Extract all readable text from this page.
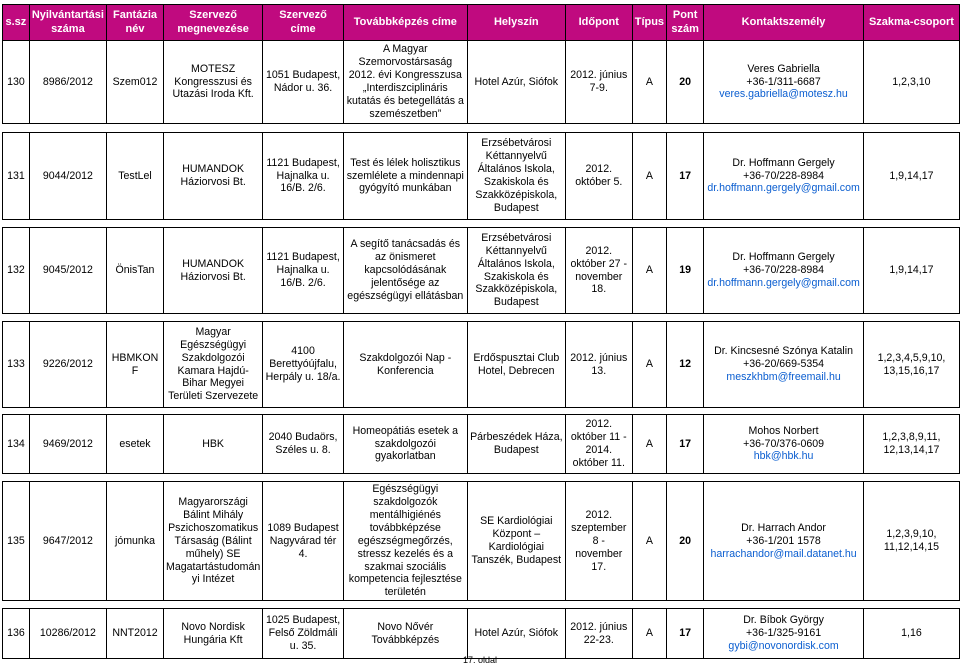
s.sz	Nyilvántartási száma	Fantázia név	Szervező megnevezése	Szervező címe	Továbbképzés címe	Helyszín	Időpont	Típus	Pont szám	Kontaktszemély	Szakma-csoport
130	8986/2012	Szem012	MOTESZ Kongresszusi és Utazási Iroda Kft.	1051 Budapest, Nádor u. 36.	A Magyar Szemorvostársaság 2012. évi Kongresszusa „Interdiszciplináris kutatás és betegellátás a szemészetben”	Hotel Azúr, Siófok	2012. június 7-9.	A	20	Veres Gabriella
+36-1/311-6687
veres.gabriella@motesz.hu	1,2,3,10

131	9044/2012	TestLel	HUMANDOK Háziorvosi Bt.	1121 Budapest, Hajnalka u. 16/B. 2/6.	Test és lélek holisztikus szemlélete a mindennapi gyógyító munkában	Erzsébetvárosi Kéttannyelvű Általános Iskola, Szakiskola és Szakközépiskola, Budapest	2012. október 5.	A	17	Dr. Hoffmann Gergely
+36-70/228-8984
dr.hoffmann.gergely@gmail.com	1,9,14,17

132	9045/2012	ÖnisTan	HUMANDOK Háziorvosi Bt.	1121 Budapest, Hajnalka u. 16/B. 2/6.	A segítő tanácsadás és az önismeret kapcsolódásának jelentősége az egészségügyi ellátásban	Erzsébetvárosi Kéttannyelvű Általános Iskola, Szakiskola és Szakközépiskola, Budapest	2012. október 27 - november 18.	A	19	Dr. Hoffmann Gergely
+36-70/228-8984
dr.hoffmann.gergely@gmail.com	1,9,14,17

133	9226/2012	HBMKON F	Magyar Egészségügyi Szakdolgozói Kamara Hajdú-Bihar Megyei Területi Szervezete	4100 Berettyóújfalu, Herpály u. 18/a.	Szakdolgozói Nap - Konferencia	Erdőspusztai Club Hotel, Debrecen	2012. június 13.	A	12	Dr. Kincsesné Szónya Katalin
+36-20/669-5354
meszkhbm@freemail.hu	1,2,3,4,5,9,10, 13,15,16,17

134	9469/2012	esetek	HBK	2040 Budaörs, Széles u. 8.	Homeopátiás esetek a szakdolgozói gyakorlatban	Párbeszédek Háza, Budapest	2012. október 11 - 2014. október 11.	A	17	Mohos Norbert
+36-70/376-0609
hbk@hbk.hu	1,2,3,8,9,11, 12,13,14,17

135	9647/2012	jómunka	Magyarországi Bálint Mihály Pszichoszomatikus Társaság (Bálint műhely) SE Magatartástudomán yi Intézet	1089 Budapest Nagyvárad tér 4.	Egészségügyi szakdolgozók mentálhigiénés továbbképzése egészségmegőrzés, stressz kezelés és a szakmai szociális kompetencia fejlesztése területén	SE Kardiológiai Központ – Kardiológiai Tanszék, Budapest	2012. szeptember 8 - november 17.	A	20	Dr. Harrach Andor
+36-1/201 1578
harrachandor@mail.datanet.hu	1,2,3,9,10, 11,12,14,15

136	10286/2012	NNT2012	Novo Nordisk Hungária Kft	1025 Budapest, Felső Zöldmáli u. 35.	Novo Nővér Továbbképzés	Hotel Azúr, Siófok	2012. június 22-23.	A	17	Dr. Bíbok György
+36-1/325-9161
gybi@novonordisk.com	1,16
17. oldal
